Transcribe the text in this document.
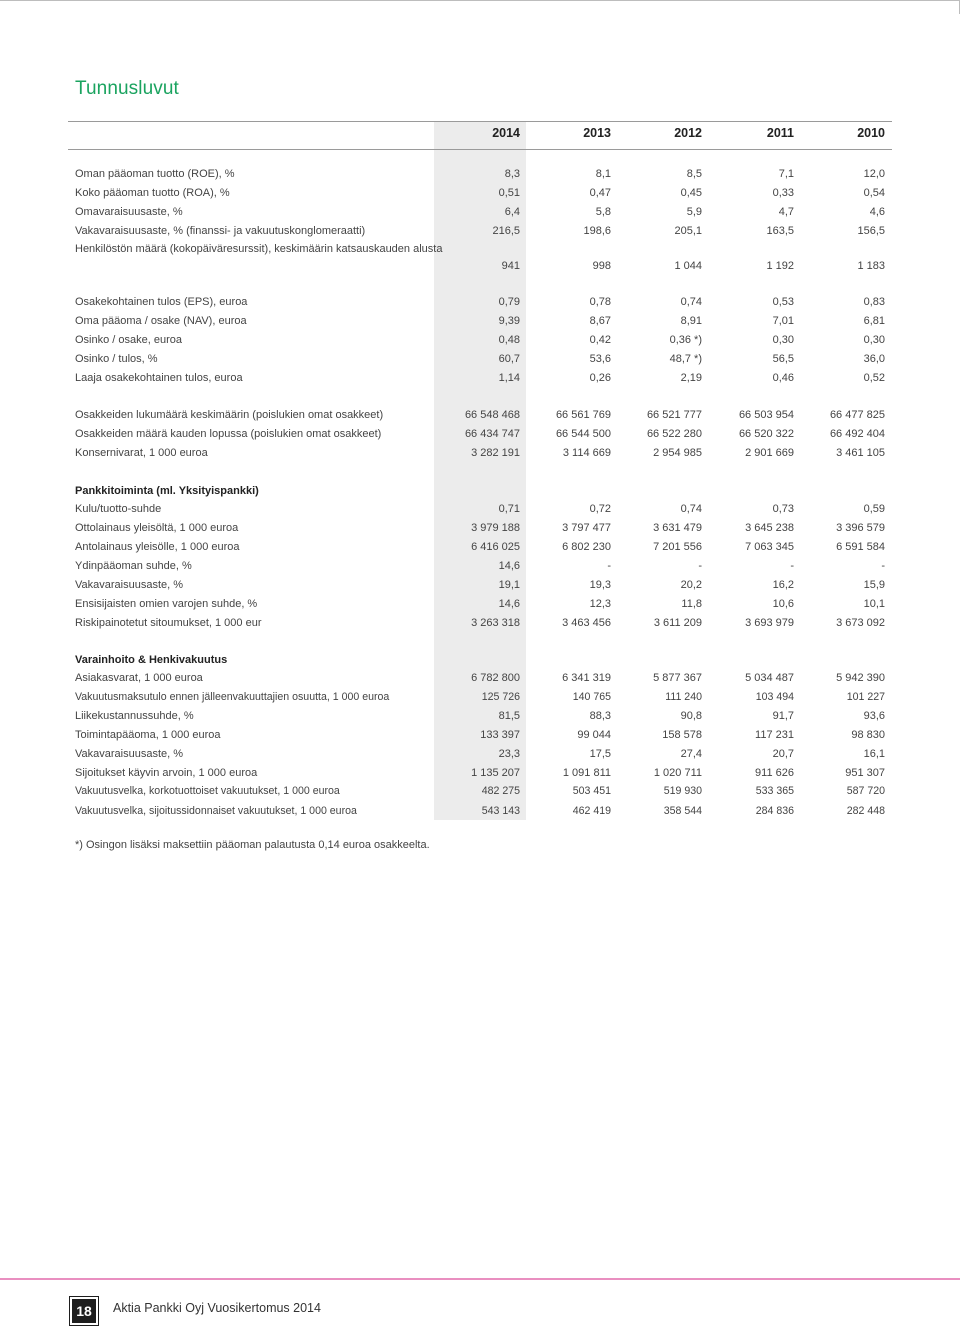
Tunnusluvut
2014	2013	2012	2011	2010
Oman pääoman tuotto (ROE), %	8,3	8,1	8,5	7,1	12,0
Koko pääoman tuotto (ROA), %	0,51	0,47	0,45	0,33	0,54
Omavaraisuusaste, %	6,4	5,8	5,9	4,7	4,6
Vakavaraisuusaste, % (finanssi- ja vakuutuskonglomeraatti)	216,5	198,6	205,1	163,5	156,5
Henkilöstön määrä (kokopäiväresurssit), keskimäärin katsauskauden alusta
941	998	1 044	1 192	1 183
Osakekohtainen tulos (EPS), euroa	0,79	0,78	0,74	0,53	0,83
Oma pääoma / osake (NAV), euroa	9,39	8,67	8,91	7,01	6,81
Osinko / osake, euroa	0,48	0,42	0,36 *)	0,30	0,30
Osinko / tulos, %	60,7	53,6	48,7 *)	56,5	36,0
Laaja osakekohtainen tulos, euroa	1,14	0,26	2,19	0,46	0,52
Osakkeiden lukumäärä keskimäärin (poislukien omat osakkeet)	66 548 468	66 561 769	66 521 777	66 503 954	66 477 825
Osakkeiden määrä kauden lopussa (poislukien omat osakkeet)	66 434 747	66 544 500	66 522 280	66 520 322	66 492 404
Konsernivarat, 1 000 euroa	3 282 191	3 114 669	2 954 985	2 901 669	3 461 105
Pankkitoiminta (ml. Yksityispankki)
Kulu/tuotto-suhde	0,71	0,72	0,74	0,73	0,59
Ottolainaus yleisöltä, 1 000 euroa	3 979 188	3 797 477	3 631 479	3 645 238	3 396 579
Antolainaus yleisölle, 1 000 euroa	6 416 025	6 802 230	7 201 556	7 063 345	6 591 584
Ydinpääoman suhde, %	14,6	-	-	-	-
Vakavaraisuusaste, %	19,1	19,3	20,2	16,2	15,9
Ensisijaisten omien varojen suhde, %	14,6	12,3	11,8	10,6	10,1
Riskipainotetut sitoumukset, 1 000 eur	3 263 318	3 463 456	3 611 209	3 693 979	3 673 092
Varainhoito & Henkivakuutus
Asiakasvarat, 1 000 euroa	6 782 800	6 341 319	5 877 367	5 034 487	5 942 390
Vakuutusmaksutulo ennen jälleenvakuuttajien osuutta, 1 000 euroa	125 726	140 765	111 240	103 494	101 227
Liikekustannussuhde, %	81,5	88,3	90,8	91,7	93,6
Toimintapääoma, 1 000 euroa	133 397	99 044	158 578	117 231	98 830
Vakavaraisuusaste, %	23,3	17,5	27,4	20,7	16,1
Sijoitukset käyvin arvoin, 1 000 euroa	1 135 207	1 091 811	1 020 711	911 626	951 307
Vakuutusvelka, korkotuottoiset vakuutukset, 1 000 euroa	482 275	503 451	519 930	533 365	587 720
Vakuutusvelka, sijoitussidonnaiset vakuutukset, 1 000 euroa	543 143	462 419	358 544	284 836	282 448
*) Osingon lisäksi maksettiin pääoman palautusta 0,14 euroa osakkeelta.
18	Aktia Pankki Oyj Vuosikertomus 2014
